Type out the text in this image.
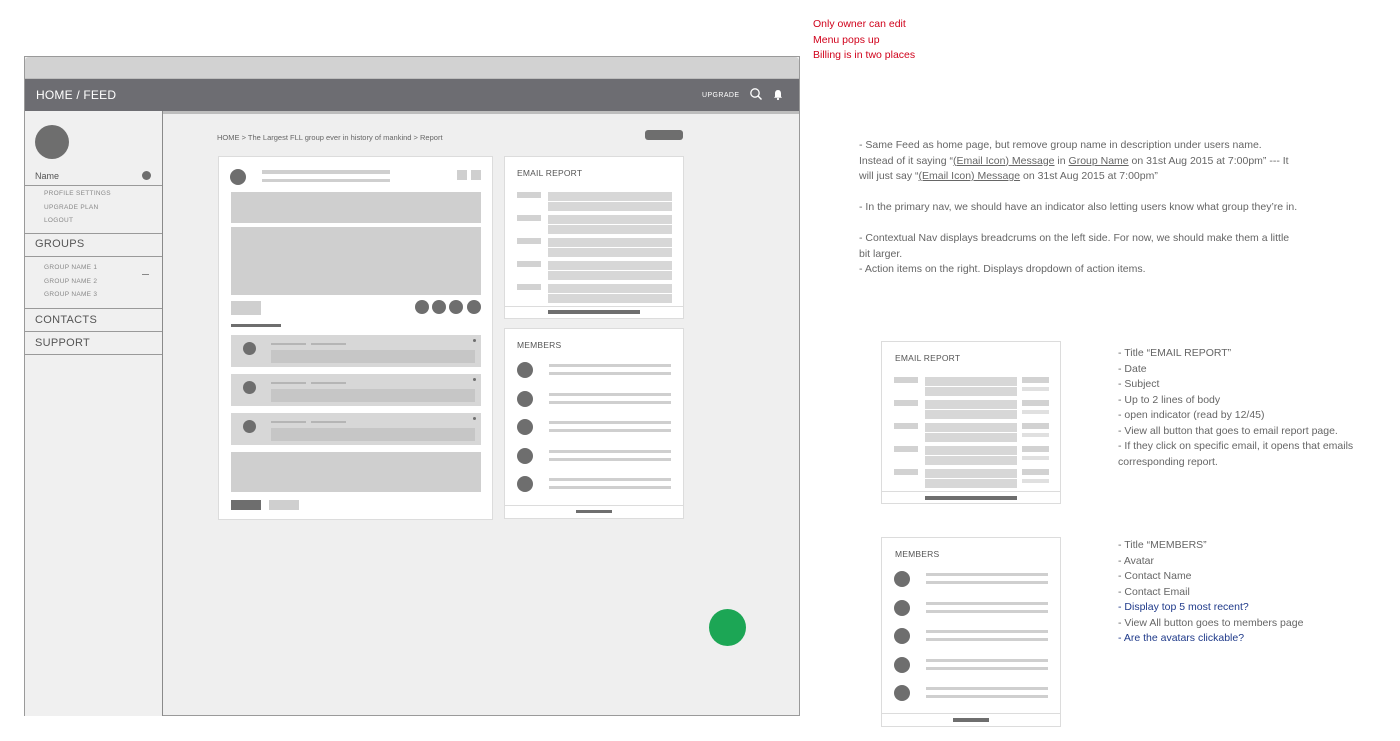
Only owner can edit
Menu pops up
Billing is in two places
HOME / FEED	UPGRADE
Name
PROFILE SETTINGS
UPGRADE PLAN
LOGOUT
GROUPS
GROUP NAME 1
GROUP NAME 2
GROUP NAME 3
CONTACTS
SUPPORT
HOME > The Largest FLL group ever in history of mankind > Report
EMAIL REPORT
MEMBERS

- Same Feed as home page, but remove group name in description under users name. Instead of it saying “(Email Icon) Message in Group Name on 31st Aug 2015 at 7:00pm” --- It will just say “(Email Icon) Message on 31st Aug 2015 at 7:00pm”

- In the primary nav, we should have an indicator also letting users know what group they’re in.

- Contextual Nav displays breadcrums on the left side. For now, we should make them a little bit larger.
- Action items on the right. Displays dropdown of action items.
EMAIL REPORT	- Title “EMAIL REPORT”
- Date
- Subject
- Up to 2 lines of body
- open indicator (read by 12/45)
- View all button that goes to email report page.
- If they click on specific email, it opens that emails corresponding report.
MEMBERS
- Title “MEMBERS”
- Avatar
- Contact Name
- Contact Email
- Display top 5 most recent?
- View All button goes to members page
- Are the avatars clickable?
